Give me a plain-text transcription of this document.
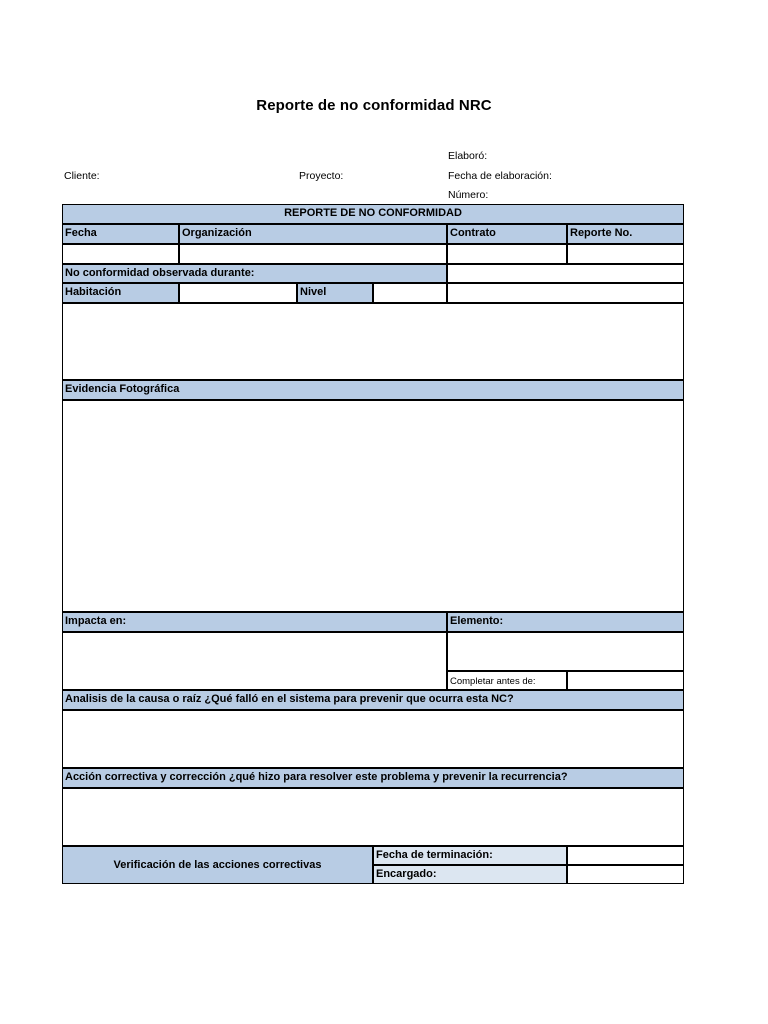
Reporte de no conformidad NRC
Elaboró:
Cliente:	Proyecto:	Fecha de elaboración:
Número:
REPORTE DE NO CONFORMIDAD
Fecha	Organización	Contrato	Reporte No.
No conformidad observada durante:
Habitación	Nivel
Evidencia Fotográfica
Impacta en:	Elemento:
Completar antes de:
Analisis de la causa o raíz ¿Qué falló en el sistema para prevenir que ocurra esta NC?
Acción correctiva y corrección ¿qué hizo para resolver este problema y prevenir la recurrencia?
Verificación de las acciones correctivas
Fecha de terminación:
Encargado:
